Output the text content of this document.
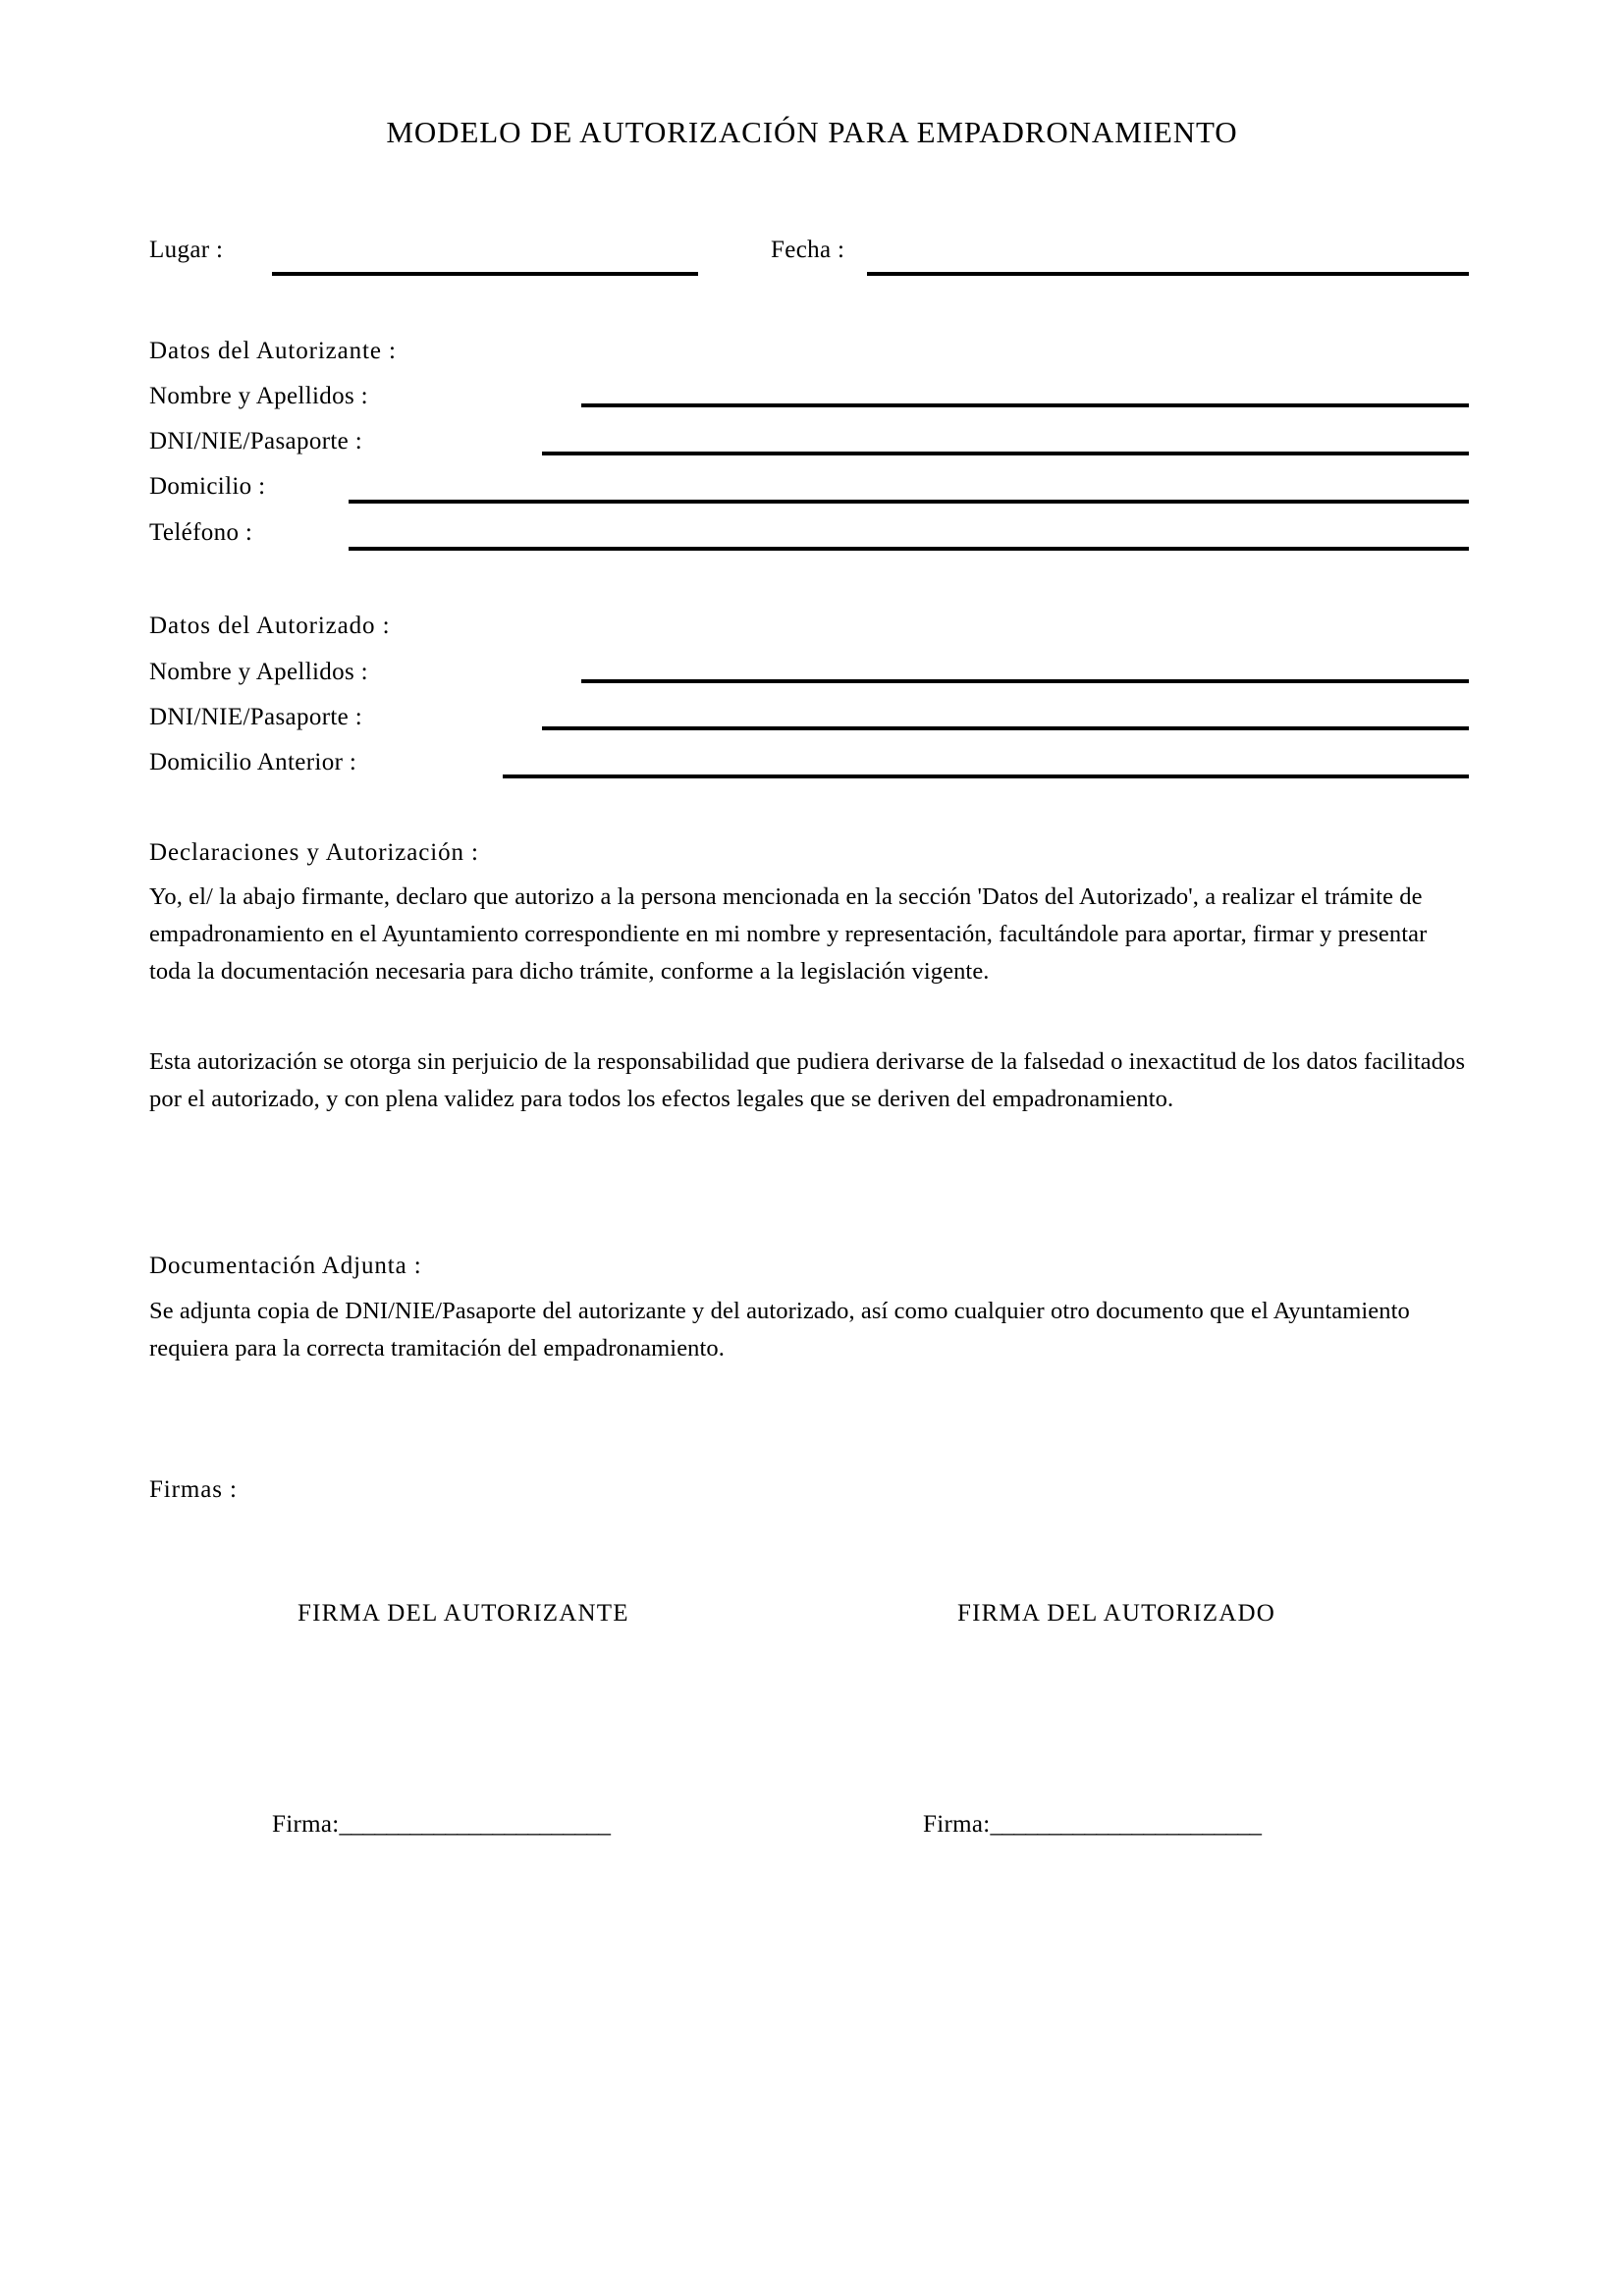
MODELO DE AUTORIZACIÓN PARA EMPADRONAMIENTO
Lugar :	Fecha :
Datos del Autorizante :
Nombre y Apellidos :
DNI/NIE/Pasaporte :
Domicilio :
Teléfono :
Datos del Autorizado :
Nombre y Apellidos :
DNI/NIE/Pasaporte :
Domicilio Anterior :
Declaraciones y Autorización :

Yo, el/ la abajo firmante, declaro que autorizo a la persona mencionada en la sección 'Datos del Autorizado', a realizar el trámite de empadronamiento en el Ayuntamiento correspondiente en mi nombre y representación, facultándole para aportar, firmar y presentar toda la documentación necesaria para dicho trámite, conforme a la legislación vigente.

Esta autorización se otorga sin perjuicio de la responsabilidad que pudiera derivarse de la falsedad o inexactitud de los datos facilitados por el autorizado, y con plena validez para todos los efectos legales que se deriven del empadronamiento.

Documentación Adjunta :

Se adjunta copia de DNI/NIE/Pasaporte del autorizante y del autorizado, así como cualquier otro documento que el Ayuntamiento requiera para la correcta tramitación del empadronamiento.

Firmas :
FIRMA DEL AUTORIZANTE	FIRMA DEL AUTORIZADO
Firma:_______________________	Firma:_______________________
